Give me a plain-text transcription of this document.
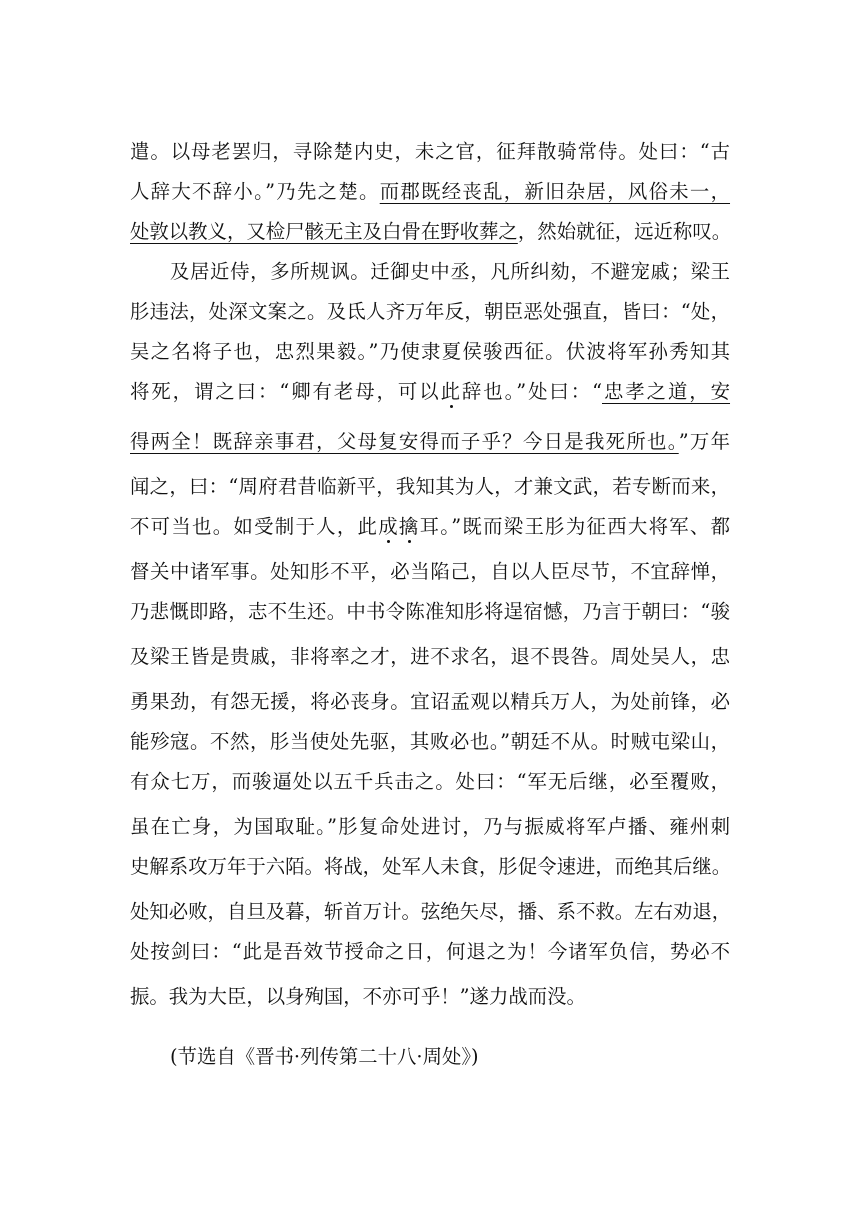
遣。以母老罢归，寻除楚内史，未之官，征拜散骑常侍。处曰：“古
人辞大不辞小。”乃先之楚。而郡既经丧乱，新旧杂居，风俗未一，
处敦以教义，又检尸骸无主及白骨在野收葬之，然始就征，远近称叹。
及居近侍，多所规讽。迁御史中丞，凡所纠劾，不避宠戚；梁王
肜违法，处深文案之。及氐人齐万年反，朝臣恶处强直，皆曰：“处，
吴之名将子也，忠烈果毅。”乃使隶夏侯骏西征。伏波将军孙秀知其
将死，谓之曰：“卿有老母，可以此辞也。”处曰：“忠孝之道，安
得两全！既辞亲事君，父母复安得而子乎？今日是我死所也。”万年
闻之，曰：“周府君昔临新平，我知其为人，才兼文武，若专断而来，
不可当也。如受制于人，此成擒耳。”既而梁王肜为征西大将军、都
督关中诸军事。处知肜不平，必当陷己，自以人臣尽节，不宜辞惮，
乃悲慨即路，志不生还。中书令陈准知肜将逞宿憾，乃言于朝曰：“骏
及梁王皆是贵戚，非将率之才，进不求名，退不畏咎。周处吴人，忠
勇果劲，有怨无援，将必丧身。宜诏孟观以精兵万人，为处前锋，必
能殄寇。不然，肜当使处先驱，其败必也。”朝廷不从。时贼屯梁山，
有众七万，而骏逼处以五千兵击之。处曰：“军无后继，必至覆败，
虽在亡身，为国取耻。”肜复命处进讨，乃与振威将军卢播、雍州刺
史解系攻万年于六陌。将战，处军人未食，肜促令速进，而绝其后继。
处知必败，自旦及暮，斩首万计。弦绝矢尽，播、系不救。左右劝退，
处按剑曰：“此是吾效节授命之日，何退之为！今诸军负信，势必不
振。我为大臣，以身殉国，不亦可乎！”遂力战而没。
(节选自《晋书·列传第二十八·周处》)
